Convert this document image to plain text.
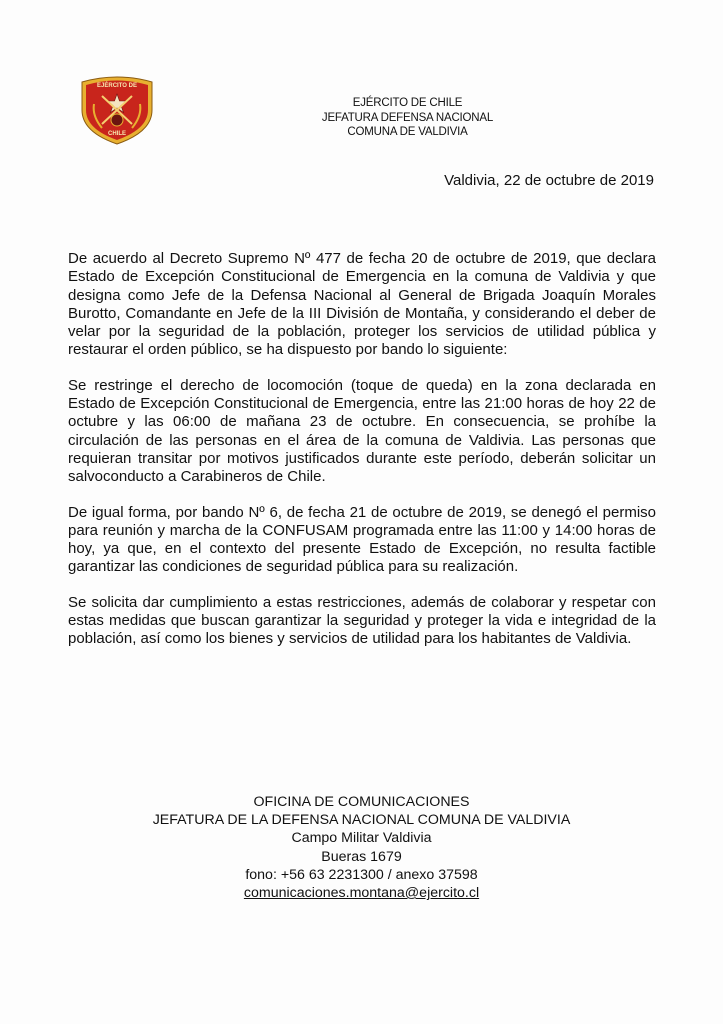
EJÉRCITO DE
CHILE
EJÉRCITO DE CHILE
JEFATURA DEFENSA NACIONAL
COMUNA DE VALDIVIA
Valdivia, 22 de octubre de 2019

De acuerdo al Decreto Supremo Nº 477 de fecha 20 de octubre de 2019, que declara Estado de Excepción Constitucional de Emergencia en la comuna de Valdivia y que designa como Jefe de la Defensa Nacional al General de Brigada Joaquín Morales Burotto, Comandante en Jefe de la III División de Montaña, y considerando el deber de velar por la seguridad de la población, proteger los servicios de utilidad pública y restaurar el orden público, se ha dispuesto por bando lo siguiente:

Se restringe el derecho de locomoción (toque de queda) en la zona declarada en Estado de Excepción Constitucional de Emergencia, entre las 21:00 horas de hoy 22 de octubre y las 06:00 de mañana 23 de octubre. En consecuencia, se prohíbe la circulación de las personas en el área de la comuna de Valdivia. Las personas que requieran transitar por motivos justificados durante este período, deberán solicitar un salvoconducto a Carabineros de Chile.

De igual forma, por bando Nº 6, de fecha 21 de octubre de 2019, se denegó el permiso para reunión y marcha de la CONFUSAM programada entre las 11:00 y 14:00 horas de hoy, ya que, en el contexto del presente Estado de Excepción, no resulta factible garantizar las condiciones de seguridad pública para su realización.

Se solicita dar cumplimiento a estas restricciones, además de colaborar y respetar con estas medidas que buscan garantizar la seguridad y proteger la vida e integridad de la población, así como los bienes y servicios de utilidad para los habitantes de Valdivia.

OFICINA DE COMUNICACIONES
JEFATURA DE LA DEFENSA NACIONAL COMUNA DE VALDIVIA
Campo Militar Valdivia
Bueras 1679
fono: +56 63 2231300 / anexo 37598
comunicaciones.montana@ejercito.cl
